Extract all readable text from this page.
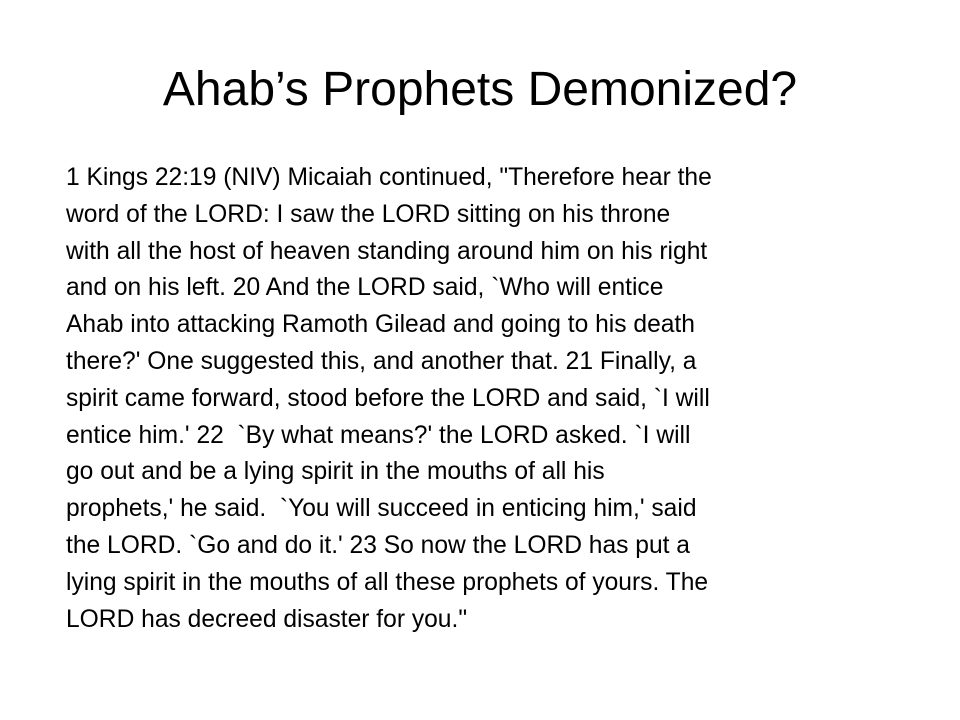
Ahab’s Prophets Demonized?
1 Kings 22:19 (NIV) Micaiah continued, "Therefore hear the
word of the LORD: I saw the LORD sitting on his throne
with all the host of heaven standing around him on his right
and on his left. 20 And the LORD said, `Who will entice
Ahab into attacking Ramoth Gilead and going to his death
there?' One suggested this, and another that. 21 Finally, a
spirit came forward, stood before the LORD and said, `I will
entice him.' 22  `By what means?' the LORD asked. `I will
go out and be a lying spirit in the mouths of all his
prophets,' he said.  `You will succeed in enticing him,' said
the LORD. `Go and do it.' 23 So now the LORD has put a
lying spirit in the mouths of all these prophets of yours. The
LORD has decreed disaster for you."
